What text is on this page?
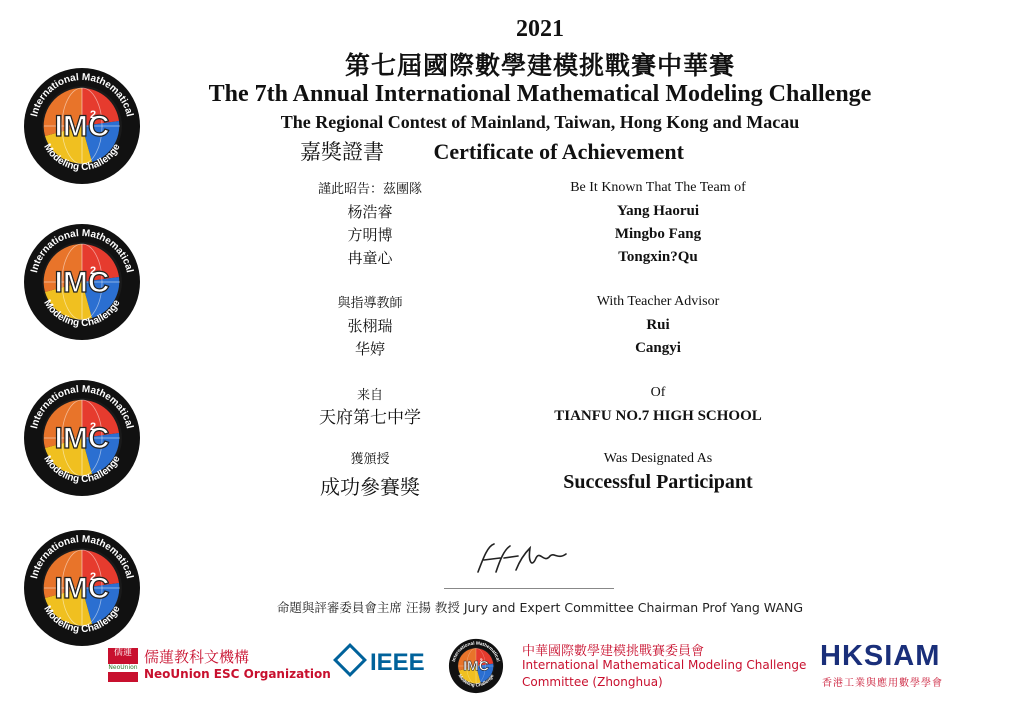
2021
第七屆國際數學建模挑戰賽中華賽
The 7th Annual International Mathematical Modeling Challenge
The Regional Contest of Mainland, Taiwan, Hong Kong and Macau
嘉獎證書 Certificate of Achievement
謹此昭告：茲團隊
杨浩睿
方明博
冉童心
Be It Known That The Team of
Yang Haorui
Mingbo Fang
Tongxin?Qu
與指導教師
张栩瑞
华婷
With Teacher Advisor
Rui
Cangyi
来自
天府第七中学
Of
TIANFU NO.7 HIGH SCHOOL
獲頒授
成功參賽獎
Was Designated As
Successful Participant
命題與評審委員會主席 汪揚 教授 Jury and Expert Committee Chairman Prof Yang WANG
儒蓮
NeoUnion
儒蓮教科文機構
NeoUnion ESC Organization	IEEE	中華國際數學建模挑戰賽委員會
International Mathematical Modeling Challenge
Committee (Zhonghua)
HKSIAM
香港工業與應用數學學會
